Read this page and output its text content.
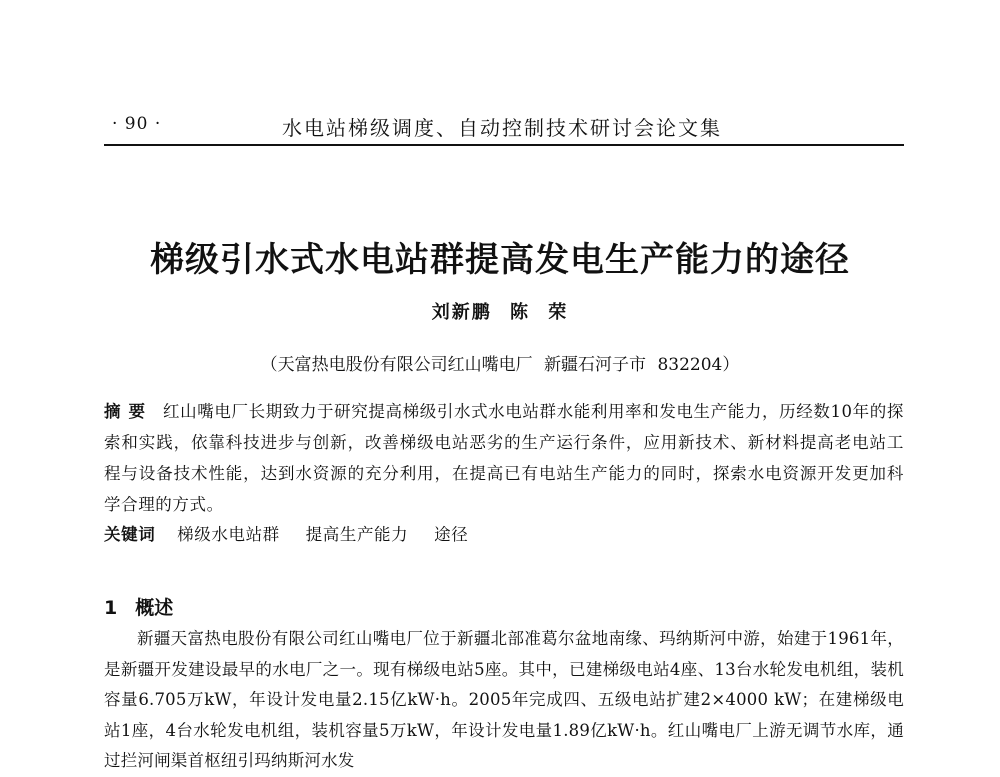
· 90 ·	水电站梯级调度、自动控制技术研讨会论文集
梯级引水式水电站群提高发电生产能力的途径
刘新鹏 陈 荣
（天富热电股份有限公司红山嘴电厂 新疆石河子市 832204）
摘要 红山嘴电厂长期致力于研究提高梯级引水式水电站群水能利用率和发电生产能力，历经数10年的探索和实践，依靠科技进步与创新，改善梯级电站恶劣的生产运行条件，应用新技术、新材料提高老电站工程与设备技术性能，达到水资源的充分利用，在提高已有电站生产能力的同时，探索水电资源开发更加科学合理的方式。
关键词 梯级水电站群 提高生产能力 途径
1 概述

新疆天富热电股份有限公司红山嘴电厂位于新疆北部准葛尔盆地南缘、玛纳斯河中游，始建于1961年，是新疆开发建设最早的水电厂之一。现有梯级电站5座。其中，已建梯级电站4座、13台水轮发电机组，装机容量6.705万kW，年设计发电量2.15亿kW·h。2005年完成四、五级电站扩建2×4000 kW；在建梯级电站1座，4台水轮发电机组，装机容量5万kW，年设计发电量1.89亿kW·h。红山嘴电厂上游无调节水库，通过拦河闸渠首枢纽引玛纳斯河水发
